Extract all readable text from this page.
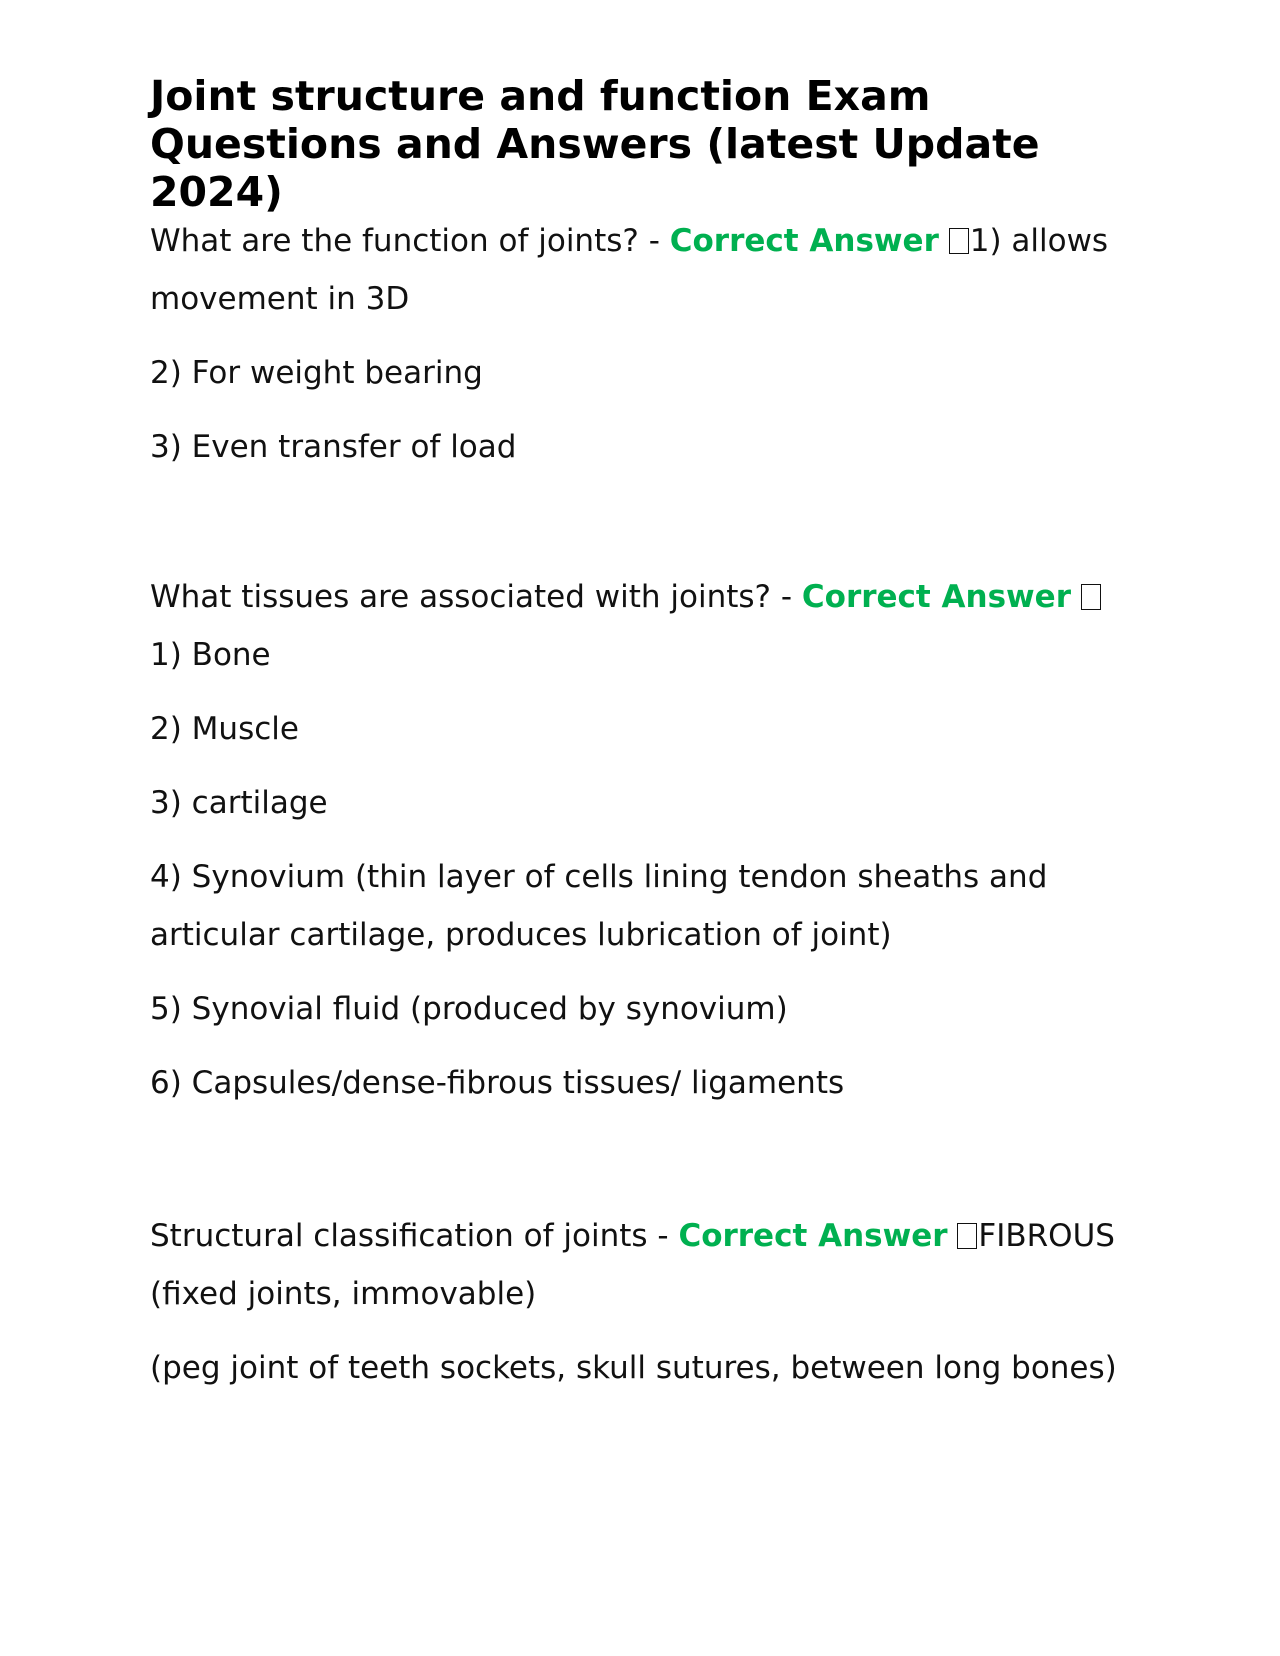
Joint structure and function Exam Questions and Answers (latest Update 2024)

What are the function of joints? - Correct Answer 1) allows movement in 3D

2) For weight bearing

3) Even transfer of load

What tissues are associated with joints? - Correct Answer 1) Bone

2) Muscle

3) cartilage

4) Synovium (thin layer of cells lining tendon sheaths and articular cartilage, produces lubrication of joint)

5) Synovial fluid (produced by synovium)

6) Capsules/dense-fibrous tissues/ ligaments

Structural classification of joints - Correct Answer FIBROUS (fixed joints, immovable)

(peg joint of teeth sockets, skull sutures, between long bones)
